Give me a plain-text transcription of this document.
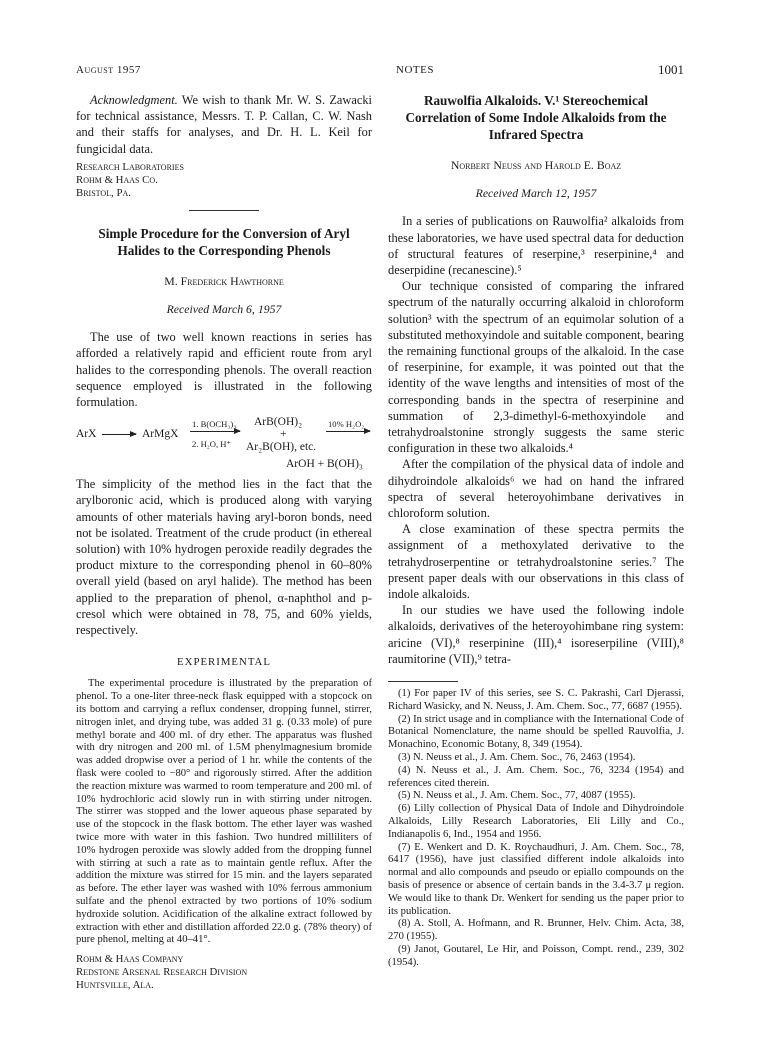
August 1957	NOTES	1001

Acknowledgment. We wish to thank Mr. W. S. Zawacki for technical assistance, Messrs. T. P. Callan, C. W. Nash and their staffs for analyses, and Dr. H. L. Keil for fungicidal data.

Research Laboratories
Rohm & Haas Co.
Bristol, Pa.
Simple Procedure for the Conversion of Aryl Halides to the Corresponding Phenols
M. Frederick Hawthorne
Received March 6, 1957

The use of two well known reactions in series has afforded a relatively rapid and efficient route from aryl halides to the corresponding phenols. The overall reaction sequence employed is illustrated in the following formulation.

ArX	ArMgX
1. B(OCH₃)₃
2. H₂O, H⁺
ArB(OH)₂
+
Ar₂B(OH), etc.
10% H₂O₂
ArOH + B(OH)₃

The simplicity of the method lies in the fact that the arylboronic acid, which is produced along with varying amounts of other materials having aryl-boron bonds, need not be isolated. Treatment of the crude product (in ethereal solution) with 10% hydrogen peroxide readily degrades the product mixture to the corresponding phenol in 60–80% overall yield (based on aryl halide). The method has been applied to the preparation of phenol, α-naphthol and p-cresol which were obtained in 78, 75, and 60% yields, respectively.

EXPERIMENTAL

The experimental procedure is illustrated by the preparation of phenol. To a one-liter three-neck flask equipped with a stopcock on its bottom and carrying a reflux condenser, dropping funnel, stirrer, nitrogen inlet, and drying tube, was added 31 g. (0.33 mole) of pure methyl borate and 400 ml. of dry ether. The apparatus was flushed with dry nitrogen and 200 ml. of 1.5M phenylmagnesium bromide was added dropwise over a period of 1 hr. while the contents of the flask were cooled to −80° and rigorously stirred. After the addition the reaction mixture was warmed to room temperature and 200 ml. of 10% hydrochloric acid slowly run in with stirring under nitrogen. The stirrer was stopped and the lower aqueous phase separated by use of the stopcock in the flask bottom. The ether layer was washed twice more with water in this fashion. Two hundred milliliters of 10% hydrogen peroxide was slowly added from the dropping funnel with stirring at such a rate as to maintain gentle reflux. After the addition the mixture was stirred for 15 min. and the layers separated as before. The ether layer was washed with 10% ferrous ammonium sulfate and the phenol extracted by two portions of 10% sodium hydroxide solution. Acidification of the alkaline extract followed by extraction with ether and distillation afforded 22.0 g. (78% theory) of pure phenol, melting at 40–41°.

Rohm & Haas Company
Redstone Arsenal Research Division
Huntsville, Ala.
Rauwolfia Alkaloids. V.¹ Stereochemical Correlation of Some Indole Alkaloids from the Infrared Spectra
Norbert Neuss and Harold E. Boaz
Received March 12, 1957

In a series of publications on Rauwolfia² alkaloids from these laboratories, we have used spectral data for deduction of structural features of reserpine,³ reserpinine,⁴ and deserpidine (recanescine).⁵

Our technique consisted of comparing the infrared spectrum of the naturally occurring alkaloid in chloroform solution³ with the spectrum of an equimolar solution of a substituted methoxyindole and suitable component, bearing the remaining functional groups of the alkaloid. In the case of reserpinine, for example, it was pointed out that the identity of the wave lengths and intensities of most of the corresponding bands in the spectra of reserpinine and summation of 2,3-dimethyl-6-methoxyindole and tetrahydroalstonine strongly suggests the same steric configuration in these two alkaloids.⁴

After the compilation of the physical data of indole and dihydroindole alkaloids⁶ we had on hand the infrared spectra of several heteroyohimbane derivatives in chloroform solution.

A close examination of these spectra permits the assignment of a methoxylated derivative to the tetrahydroserpentine or tetrahydroalstonine series.⁷ The present paper deals with our observations in this class of indole alkaloids.

In our studies we have used the following indole alkaloids, derivatives of the heteroyohimbane ring system: aricine (VI),⁸ reserpinine (III),⁴ isoreserpiline (VIII),⁸ raumitorine (VII),⁹ tetra-

(1) For paper IV of this series, see S. C. Pakrashi, Carl Djerassi, Richard Wasicky, and N. Neuss, J. Am. Chem. Soc., 77, 6687 (1955).

(2) In strict usage and in compliance with the International Code of Botanical Nomenclature, the name should be spelled Rauvolfia, J. Monachino, Economic Botany, 8, 349 (1954).

(3) N. Neuss et al., J. Am. Chem. Soc., 76, 2463 (1954).

(4) N. Neuss et al., J. Am. Chem. Soc., 76, 3234 (1954) and references cited therein.

(5) N. Neuss et al., J. Am. Chem. Soc., 77, 4087 (1955).

(6) Lilly collection of Physical Data of Indole and Dihydroindole Alkaloids, Lilly Research Laboratories, Eli Lilly and Co., Indianapolis 6, Ind., 1954 and 1956.

(7) E. Wenkert and D. K. Roychaudhuri, J. Am. Chem. Soc., 78, 6417 (1956), have just classified different indole alkaloids into normal and allo compounds and pseudo or epiallo compounds on the basis of presence or absence of certain bands in the 3.4-3.7 μ region. We would like to thank Dr. Wenkert for sending us the paper prior to its publication.

(8) A. Stoll, A. Hofmann, and R. Brunner, Helv. Chim. Acta, 38, 270 (1955).

(9) Janot, Goutarel, Le Hir, and Poisson, Compt. rend., 239, 302 (1954).
